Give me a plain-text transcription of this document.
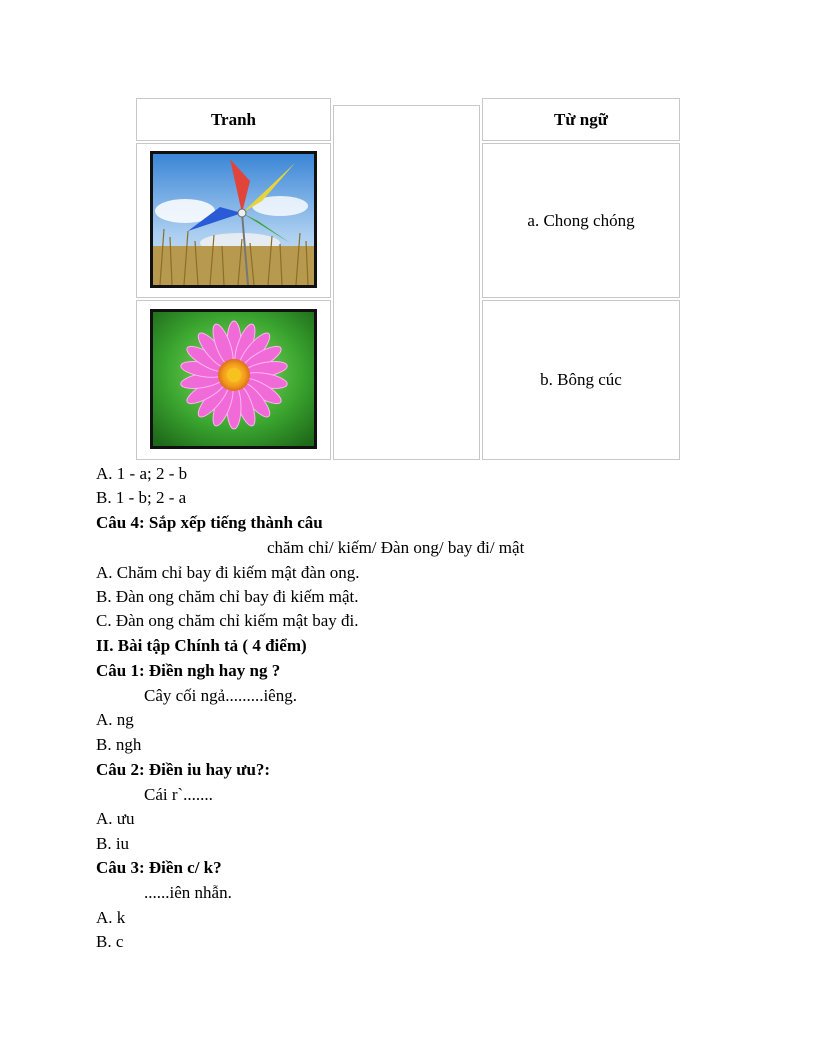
Tranh	Từ ngữ
a. Chong chóng
b. Bông cúc
A. 1 - a; 2 - b
B. 1 - b; 2 - a
Câu 4: Sắp xếp tiếng thành câu
chăm chỉ/ kiếm/ Đàn ong/ bay đi/ mật
A. Chăm chỉ bay đi kiếm mật đàn ong.
B. Đàn ong chăm chỉ bay đi kiếm mật.
C. Đàn ong chăm chỉ kiếm mật bay đi.
II. Bài tập Chính tả ( 4 điểm)
Câu 1: Điền ngh hay ng ?
Cây cối ngả.........iêng.
A. ng
B. ngh
Câu 2: Điền iu hay ưu?:
Cái r`.......
A. ưu
B. iu
Câu 3: Điền c/ k?
......iên nhẫn.
A. k
B. c
